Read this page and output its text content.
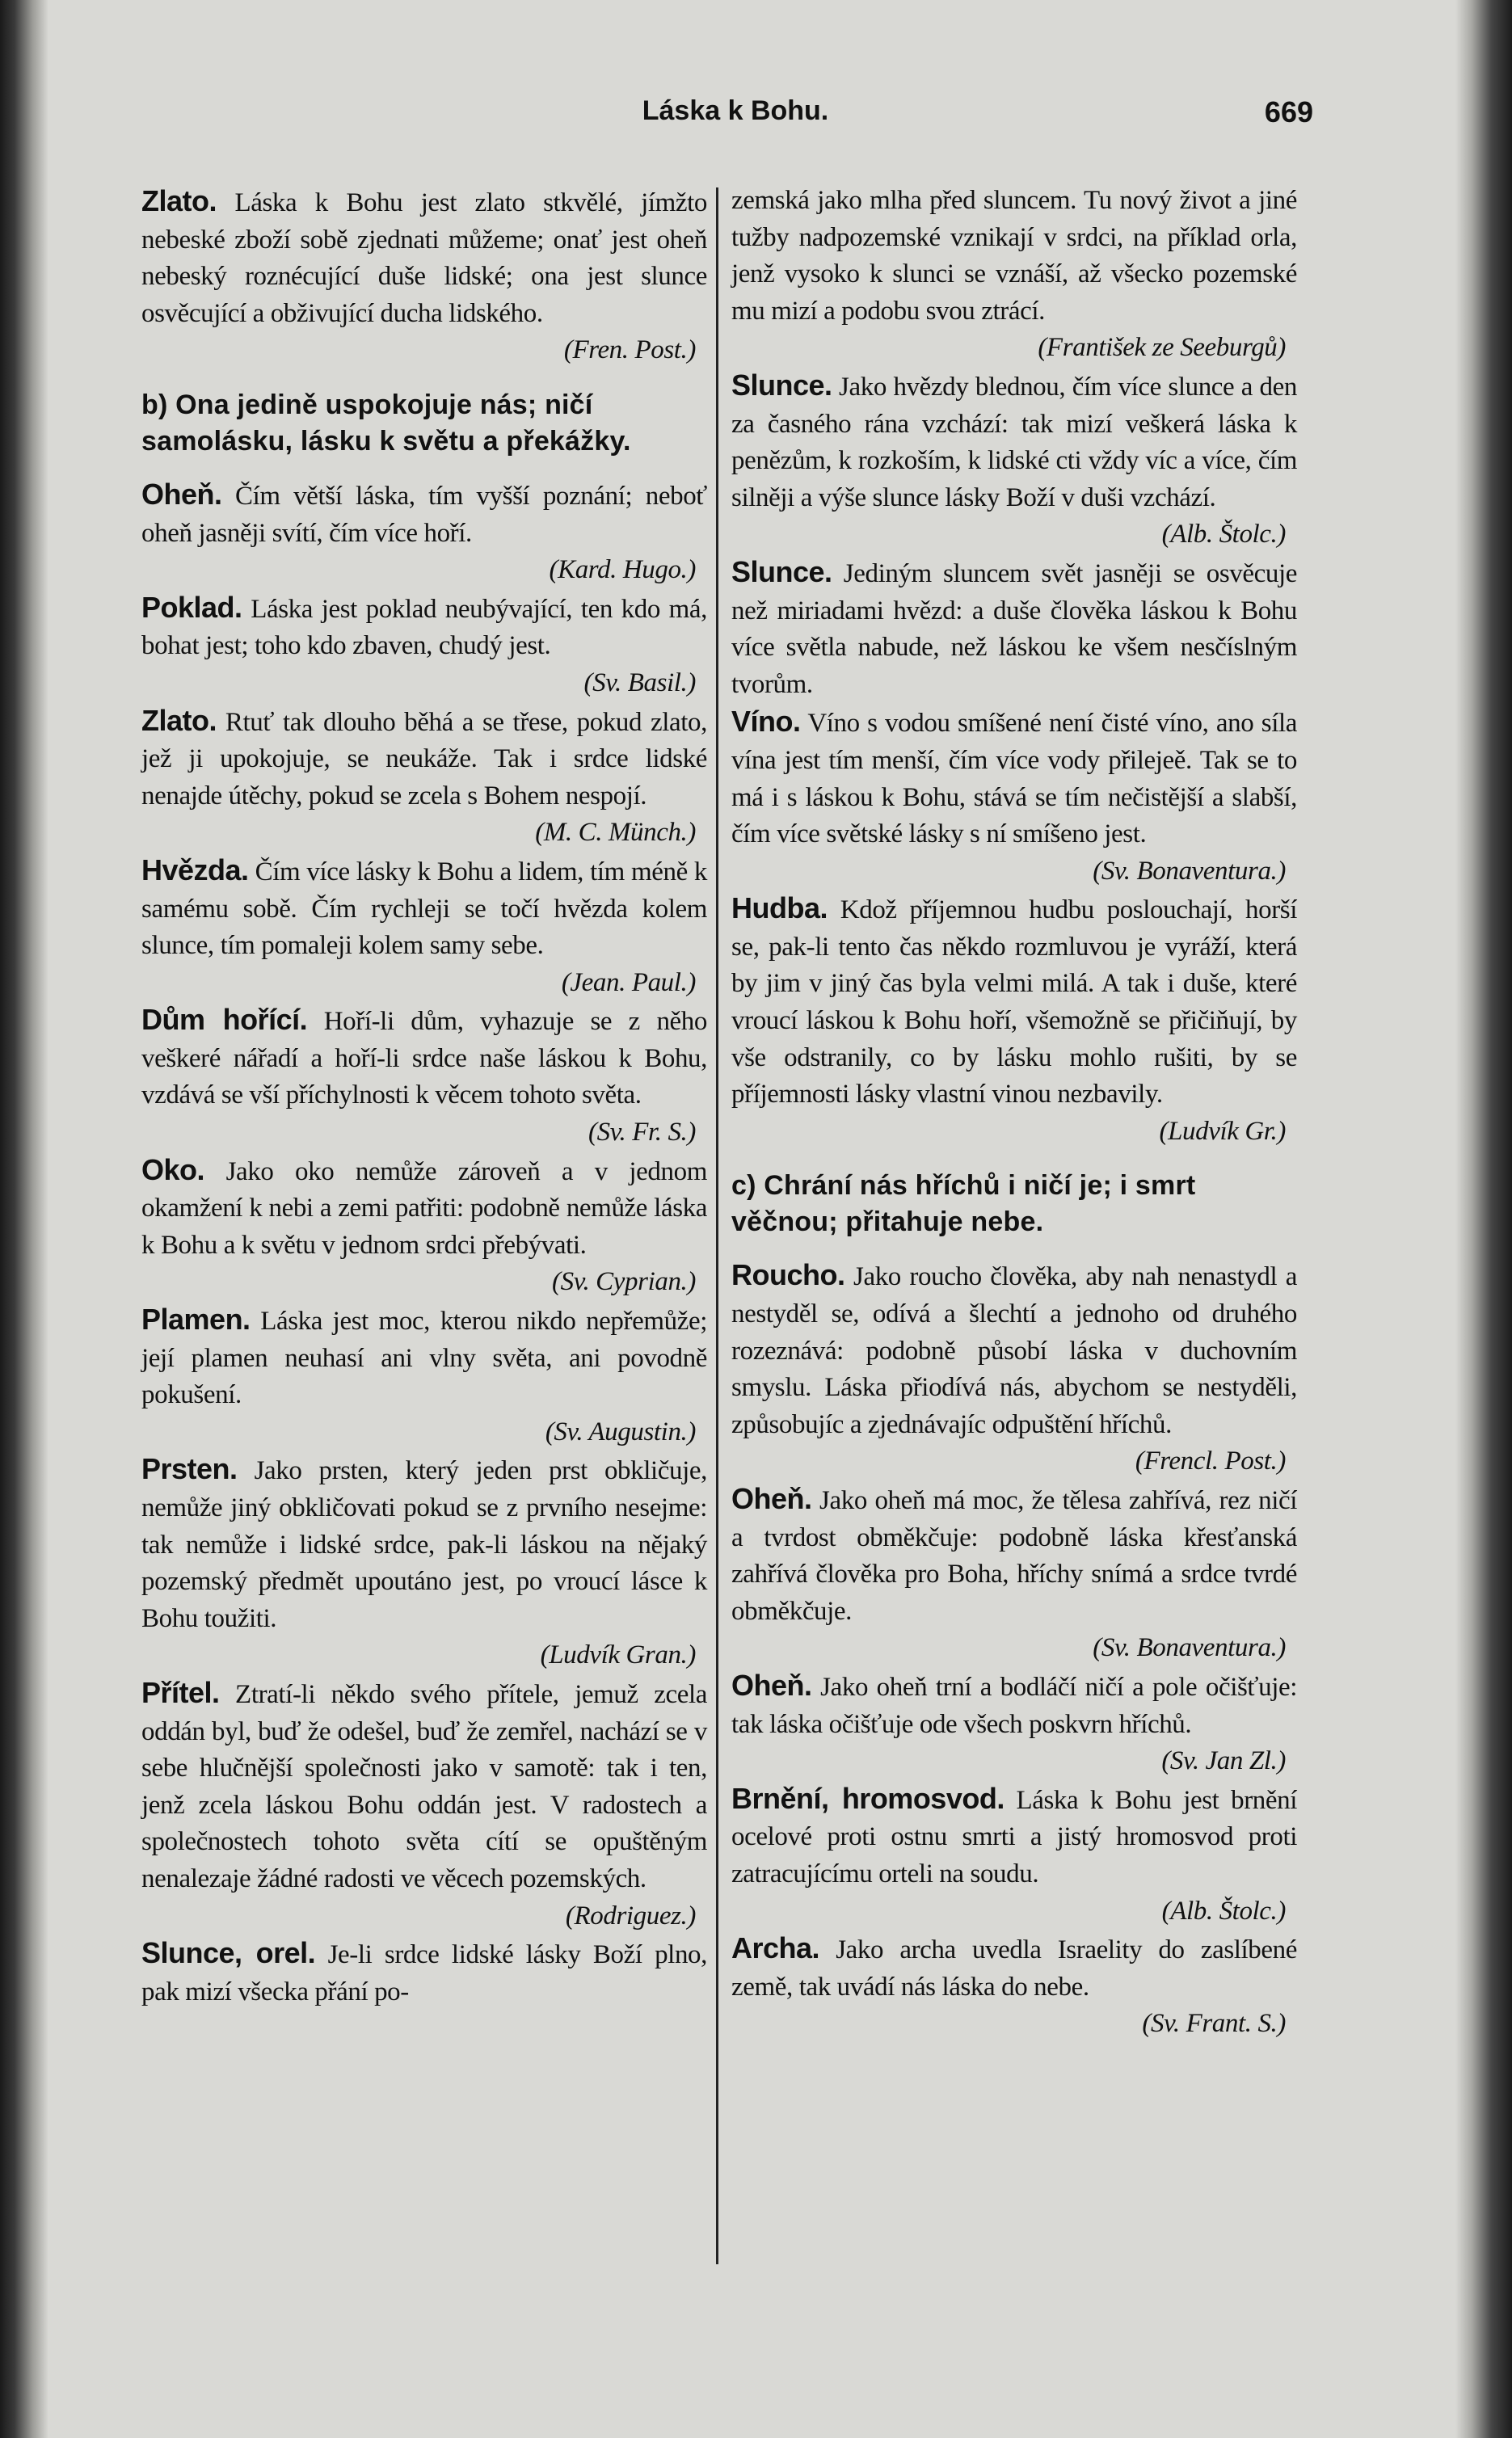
Láska k Bohu.	669

Zlato. Láska k Bohu jest zlato stkvělé, jímžto nebeské zboží sobě zjednati můžeme; onať jest oheň nebeský roznécující duše lidské; ona jest slunce osvěcující a obživující ducha lidského.
(Fren. Post.)

b) Ona jedině uspokojuje nás; ničí samolásku, lásku k světu a překážky.

Oheň. Čím větší láska, tím vyšší poznání; neboť oheň jasněji svítí, čím více hoří.
(Kard. Hugo.)

Poklad. Láska jest poklad neubývající, ten kdo má, bohat jest; toho kdo zbaven, chudý jest.
(Sv. Basil.)

Zlato. Rtuť tak dlouho běhá a se třese, pokud zlato, jež ji upokojuje, se neukáže. Tak i srdce lidské nenajde útěchy, pokud se zcela s Bohem nespojí.
(M. C. Münch.)

Hvězda. Čím více lásky k Bohu a lidem, tím méně k samému sobě. Čím rychleji se točí hvězda kolem slunce, tím pomaleji kolem samy sebe.
(Jean. Paul.)

Dům hořící. Hoří-li dům, vyhazuje se z něho veškeré nářadí a hoří-li srdce naše láskou k Bohu, vzdává se vší příchylnosti k věcem tohoto světa.
(Sv. Fr. S.)

Oko. Jako oko nemůže zároveň a v jednom okamžení k nebi a zemi patřiti: podobně nemůže láska k Bohu a k světu v jednom srdci přebývati.
(Sv. Cyprian.)

Plamen. Láska jest moc, kterou nikdo nepřemůže; její plamen neuhasí ani vlny světa, ani povodně pokušení.
(Sv. Augustin.)

Prsten. Jako prsten, který jeden prst obkličuje, nemůže jiný obkličovati pokud se z prvního nesejme: tak nemůže i lidské srdce, pak-li láskou na nějaký pozemský předmět upoutáno jest, po vroucí lásce k Bohu toužiti.
(Ludvík Gran.)

Přítel. Ztratí-li někdo svého přítele, jemuž zcela oddán byl, buď že odešel, buď že zemřel, nachází se v sebe hlučnější společnosti jako v samotě: tak i ten, jenž zcela láskou Bohu oddán jest. V radostech a společnostech tohoto světa cítí se opuštěným nenalezaje žádné radosti ve věcech pozemských.
(Rodriguez.)

Slunce, orel. Je-li srdce lidské lásky Boží plno, pak mizí všecka přání po-

zemská jako mlha před sluncem. Tu nový život a jiné tužby nadpozemské vznikají v srdci, na příklad orla, jenž vysoko k slunci se vznáší, až všecko pozemské mu mizí a podobu svou ztrácí.
(František ze Seeburgů)

Slunce. Jako hvězdy blednou, čím více slunce a den za časného rána vzchází: tak mizí veškerá láska k penězům, k rozkoším, k lidské cti vždy víc a více, čím silněji a výše slunce lásky Boží v duši vzchází.
(Alb. Štolc.)

Slunce. Jediným sluncem svět jasněji se osvěcuje než miriadami hvězd: a duše člověka láskou k Bohu více světla nabude, než láskou ke všem nesčíslným tvorům.

Víno. Víno s vodou smíšené není čisté víno, ano síla vína jest tím menší, čím více vody přilejeě. Tak se to má i s láskou k Bohu, stává se tím nečistější a slabší, čím více světské lásky s ní smíšeno jest.
(Sv. Bonaventura.)

Hudba. Kdož příjemnou hudbu poslouchají, horší se, pak-li tento čas někdo rozmluvou je vyráží, která by jim v jiný čas byla velmi milá. A tak i duše, které vroucí láskou k Bohu hoří, všemožně se přičiňují, by vše odstranily, co by lásku mohlo rušiti, by se příjemnosti lásky vlastní vinou nezbavily.
(Ludvík Gr.)

c) Chrání nás hříchů i ničí je; i smrt věčnou; přitahuje nebe.

Roucho. Jako roucho člověka, aby nah nenastydl a nestyděl se, odívá a šlechtí a jednoho od druhého rozeznává: podobně působí láska v duchovním smyslu. Láska přiodívá nás, abychom se nestyděli, způsobujíc a zjednávajíc odpuštění hříchů.
(Frencl. Post.)

Oheň. Jako oheň má moc, že tělesa zahřívá, rez ničí a tvrdost obměkčuje: podobně láska křesťanská zahřívá člověka pro Boha, hříchy snímá a srdce tvrdé obměkčuje.
(Sv. Bonaventura.)

Oheň. Jako oheň trní a bodláčí ničí a pole očišťuje: tak láska očišťuje ode všech poskvrn hříchů.
(Sv. Jan Zl.)

Brnění, hromosvod. Láska k Bohu jest brnění ocelové proti ostnu smrti a jistý hromosvod proti zatracujícímu orteli na soudu.
(Alb. Štolc.)

Archa. Jako archa uvedla Israelity do zaslíbené země, tak uvádí nás láska do nebe.
(Sv. Frant. S.)
